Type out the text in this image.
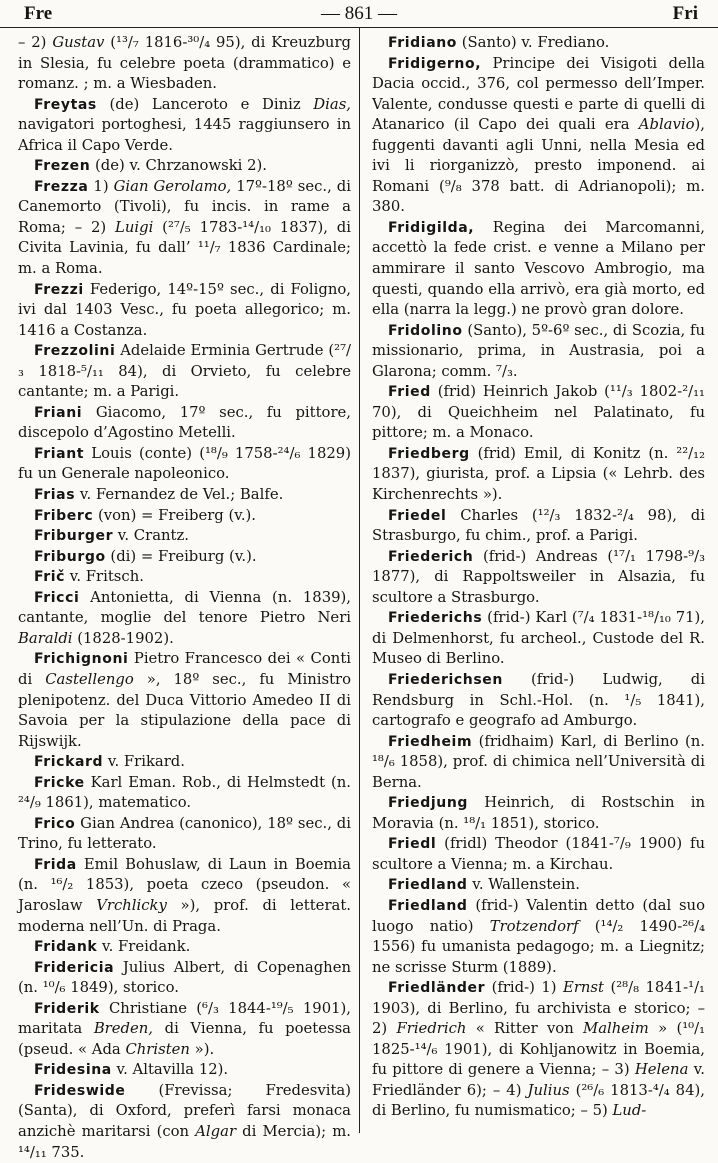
Fre	— 861 —	Fri
– 2) Gustav (¹³/₇ 1816-³⁰/₄ 95), di Kreuzburg in Slesia, fu celebre poeta (drammatico) e romanz. ; m. a Wiesbaden.
Freytas (de) Lanceroto e Diniz Dias, navigatori portoghesi, 1445 raggiunsero in Africa il Capo Verde.
Frezen (de) v. Chrzanowski 2).
Frezza 1) Gian Gerolamo, 17º-18º sec., di Canemorto (Tivoli), fu incis. in rame a Roma; – 2) Luigi (²⁷/₅ 1783-¹⁴/₁₀ 1837), di Civita Lavinia, fu dall’ ¹¹/₇ 1836 Cardinale; m. a Roma.
Frezzi Federigo, 14º-15º sec., di Foligno, ivi dal 1403 Vesc., fu poeta allegorico; m. 1416 a Costanza.
Frezzolini Adelaide Erminia Gertrude (²⁷/₃ 1818-⁵/₁₁ 84), di Orvieto, fu celebre cantante; m. a Parigi.
Friani Giacomo, 17º sec., fu pittore, discepolo d’Agostino Metelli.
Friant Louis (conte) (¹⁸/₉ 1758-²⁴/₆ 1829) fu un Generale napoleonico.
Frias v. Fernandez de Vel.; Balfe.
Friberc (von) = Freiberg (v.).
Friburger v. Crantz.
Friburgo (di) = Freiburg (v.).
Frič v. Fritsch.
Fricci Antonietta, di Vienna (n. 1839), cantante, moglie del tenore Pietro Neri Baraldi (1828-1902).
Frichignoni Pietro Francesco dei « Conti di Castellengo », 18º sec., fu Ministro plenipotenz. del Duca Vittorio Amedeo II di Savoia per la stipulazione della pace di Rijswijk.
Frickard v. Frikard.
Fricke Karl Eman. Rob., di Helmstedt (n. ²⁴/₉ 1861), matematico.
Frico Gian Andrea (canonico), 18º sec., di Trino, fu letterato.
Frida Emil Bohuslaw, di Laun in Boemia (n. ¹⁶/₂ 1853), poeta czeco (pseudon. « Jaroslaw Vrchlicky »), prof. di letterat. moderna nell’Un. di Praga.
Fridank v. Freidank.
Fridericia Julius Albert, di Copenaghen (n. ¹⁰/₆ 1849), storico.
Friderik Christiane (⁶/₃ 1844-¹⁹/₅ 1901), maritata Breden, di Vienna, fu poetessa (pseud. « Ada Christen »).
Fridesina v. Altavilla 12).
Frideswide (Frevissa; Fredesvita) (Santa), di Oxford, preferì farsi monaca anzichè maritarsi (con Algar di Mercia); m. ¹⁴/₁₁ 735.
Fridiano (Santo) v. Frediano.
Fridigerno, Principe dei Visigoti della Dacia occid., 376, col permesso dell’Imper. Valente, condusse questi e parte di quelli di Atanarico (il Capo dei quali era Ablavio), fuggenti davanti agli Unni, nella Mesia ed ivi li riorganizzò, presto imponend. ai Romani (⁹/₈ 378 batt. di Adrianopoli); m. 380.
Fridigilda, Regina dei Marcomanni, accettò la fede crist. e venne a Milano per ammirare il santo Vescovo Ambrogio, ma questi, quando ella arrivò, era già morto, ed ella (narra la legg.) ne provò gran dolore.
Fridolino (Santo), 5º-6º sec., di Scozia, fu missionario, prima, in Austrasia, poi a Glarona; comm. ⁷/₃.
Fried (frid) Heinrich Jakob (¹¹/₃ 1802-²/₁₁ 70), di Queichheim nel Palatinato, fu pittore; m. a Monaco.
Friedberg (frid) Emil, di Konitz (n. ²²/₁₂ 1837), giurista, prof. a Lipsia (« Lehrb. des Kirchenrechts »).
Friedel Charles (¹²/₃ 1832-²/₄ 98), di Strasburgo, fu chim., prof. a Parigi.
Friederich (frid-) Andreas (¹⁷/₁ 1798-⁹/₃ 1877), di Rappoltsweiler in Alsazia, fu scultore a Strasburgo.
Friederichs (frid-) Karl (⁷/₄ 1831-¹⁸/₁₀ 71), di Delmenhorst, fu archeol., Custode del R. Museo di Berlino.
Friederichsen (frid-) Ludwig, di Rendsburg in Schl.-Hol. (n. ¹/₅ 1841), cartografo e geografo ad Amburgo.
Friedheim (fridhaim) Karl, di Berlino (n. ¹⁸/₆ 1858), prof. di chimica nell’Università di Berna.
Friedjung Heinrich, di Rostschin in Moravia (n. ¹⁸/₁ 1851), storico.
Friedl (fridl) Theodor (1841-⁷/₉ 1900) fu scultore a Vienna; m. a Kirchau.
Friedland v. Wallenstein.
Friedland (frid-) Valentin detto (dal suo luogo natio) Trotzendorf (¹⁴/₂ 1490-²⁶/₄ 1556) fu umanista pedagogo; m. a Liegnitz; ne scrisse Sturm (1889).
Friedländer (frid-) 1) Ernst (²⁸/₈ 1841-¹/₁ 1903), di Berlino, fu archivista e storico; – 2) Friedrich « Ritter von Malheim » (¹⁰/₁ 1825-¹⁴/₆ 1901), di Kohljanowitz in Boemia, fu pittore di genere a Vienna; – 3) Helena v. Friedländer 6); – 4) Julius (²⁶/₆ 1813-⁴/₄ 84), di Berlino, fu numismatico; – 5) Lud-
